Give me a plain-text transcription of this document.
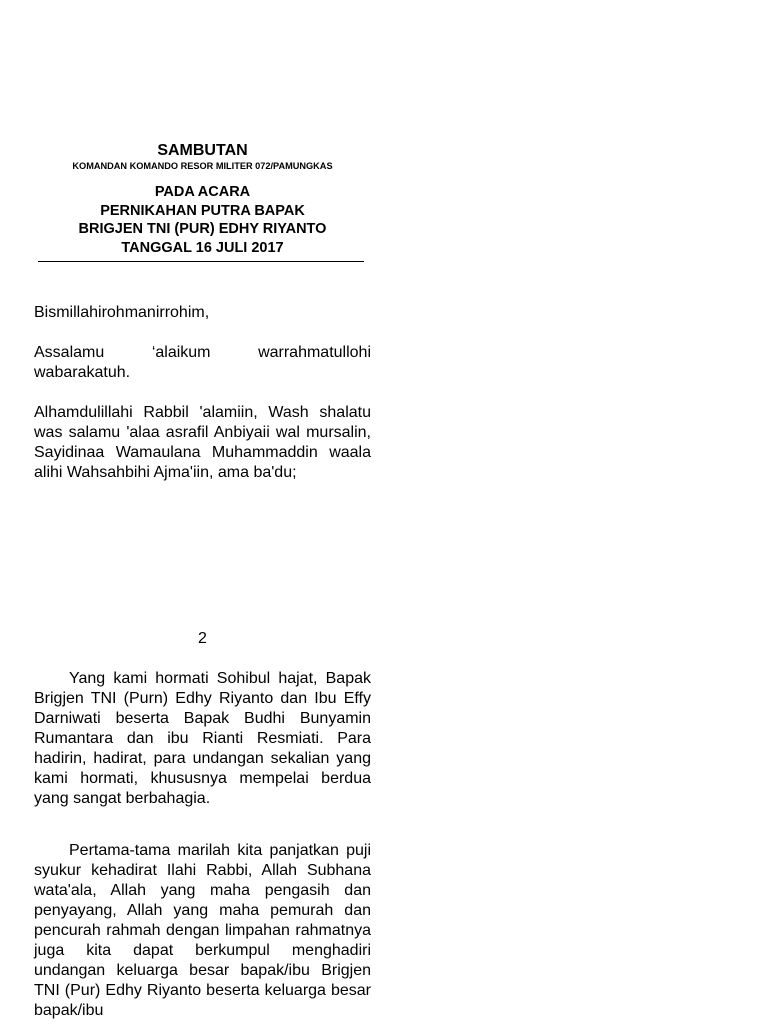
SAMBUTAN

KOMANDAN KOMANDO RESOR MILITER 072/PAMUNGKAS

PADA ACARA

PERNIKAHAN PUTRA BAPAK

BRIGJEN TNI (PUR) EDHY RIYANTO

TANGGAL 16 JULI 2017

Bismillahirohmanirrohim,

Assalamu ‘alaikum warrahmatullohi wabarakatuh.

Alhamdulillahi Rabbil 'alamiin, Wash shalatu was salamu 'alaa asrafil Anbiyaii wal mursalin, Sayidinaa Wamaulana Muhammaddin waala alihi Wahsahbihi Ajma'iin, ama ba'du;

2

Yang kami hormati Sohibul hajat, Bapak Brigjen TNI (Purn) Edhy Riyanto dan Ibu Effy Darniwati beserta Bapak Budhi Bunyamin Rumantara dan ibu Rianti Resmiati. Para hadirin, hadirat, para undangan sekalian yang kami hormati, khususnya mempelai berdua yang sangat berbahagia.

Pertama-tama marilah kita panjatkan puji syukur kehadirat Ilahi Rabbi, Allah Subhana wata'ala, Allah yang maha pengasih dan penyayang, Allah yang maha pemurah dan pencurah rahmah dengan limpahan rahmatnya juga kita dapat berkumpul menghadiri undangan keluarga besar bapak/ibu Brigjen TNI (Pur) Edhy Riyanto beserta keluarga besar bapak/ibu
